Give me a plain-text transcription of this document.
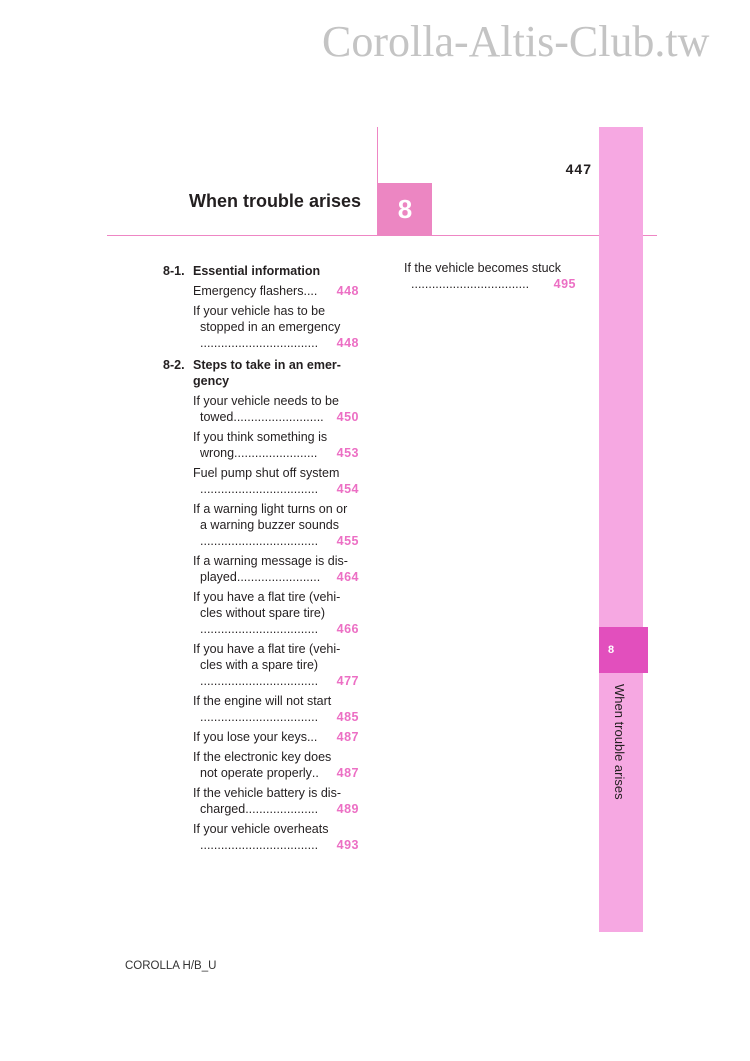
Corolla-Altis-Club.tw

447
When trouble arises	8
8

When trouble arises

8-1. Essential information
Emergency flashers ....	448
If your vehicle has to be
stopped in an emergency
..................................	448
8-2. Steps to take in an emer-
gency
If your vehicle needs to be
towed ..........................	450
If you think something is
wrong ........................	453
Fuel pump shut off system
..................................	454
If a warning light turns on or
a warning buzzer sounds
..................................	455
If a warning message is dis-
played ........................	464
If you have a flat tire (vehi-
cles without spare tire)
..................................	466
If you have a flat tire (vehi-
cles with a spare tire)
..................................	477
If the engine will not start
..................................	485
If you lose your keys ...	487
If the electronic key does
not operate properly ..	487
If the vehicle battery is dis-
charged .....................	489
If your vehicle overheats
..................................	493
If the vehicle becomes stuck
..................................	495

COROLLA H/B_U
